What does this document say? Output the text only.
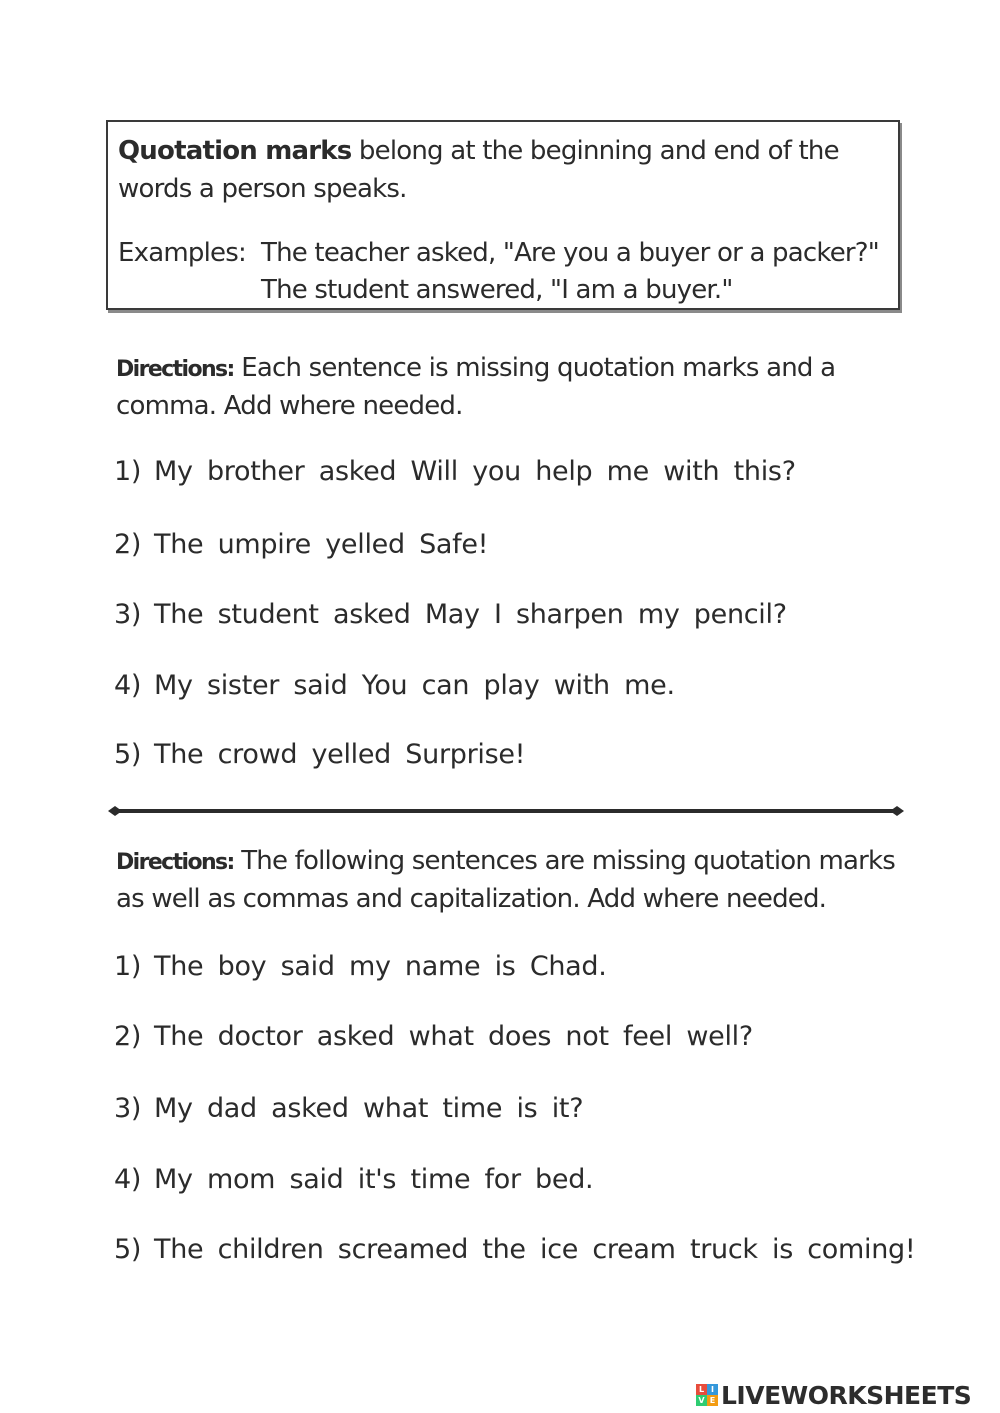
Quotation marks belong at the beginning and end of the words a person speaks.
Examples: The teacher asked, "Are you a buyer or a packer?"
The student answered, "I am a buyer."
Directions: Each sentence is missing quotation marks and a comma. Add where needed.
1) My brother asked Will you help me with this?
2) The umpire yelled Safe!
3) The student asked May I sharpen my pencil?
4) My sister said You can play with me.
5) The crowd yelled Surprise!
Directions: The following sentences are missing quotation marks as well as commas and capitalization. Add where needed.
1) The boy said my name is Chad.
2) The doctor asked what does not feel well?
3) My dad asked what time is it?
4) My mom said it's time for bed.
5) The children screamed the ice cream truck is coming!
L I
V E LIVEWORKSHEETS
